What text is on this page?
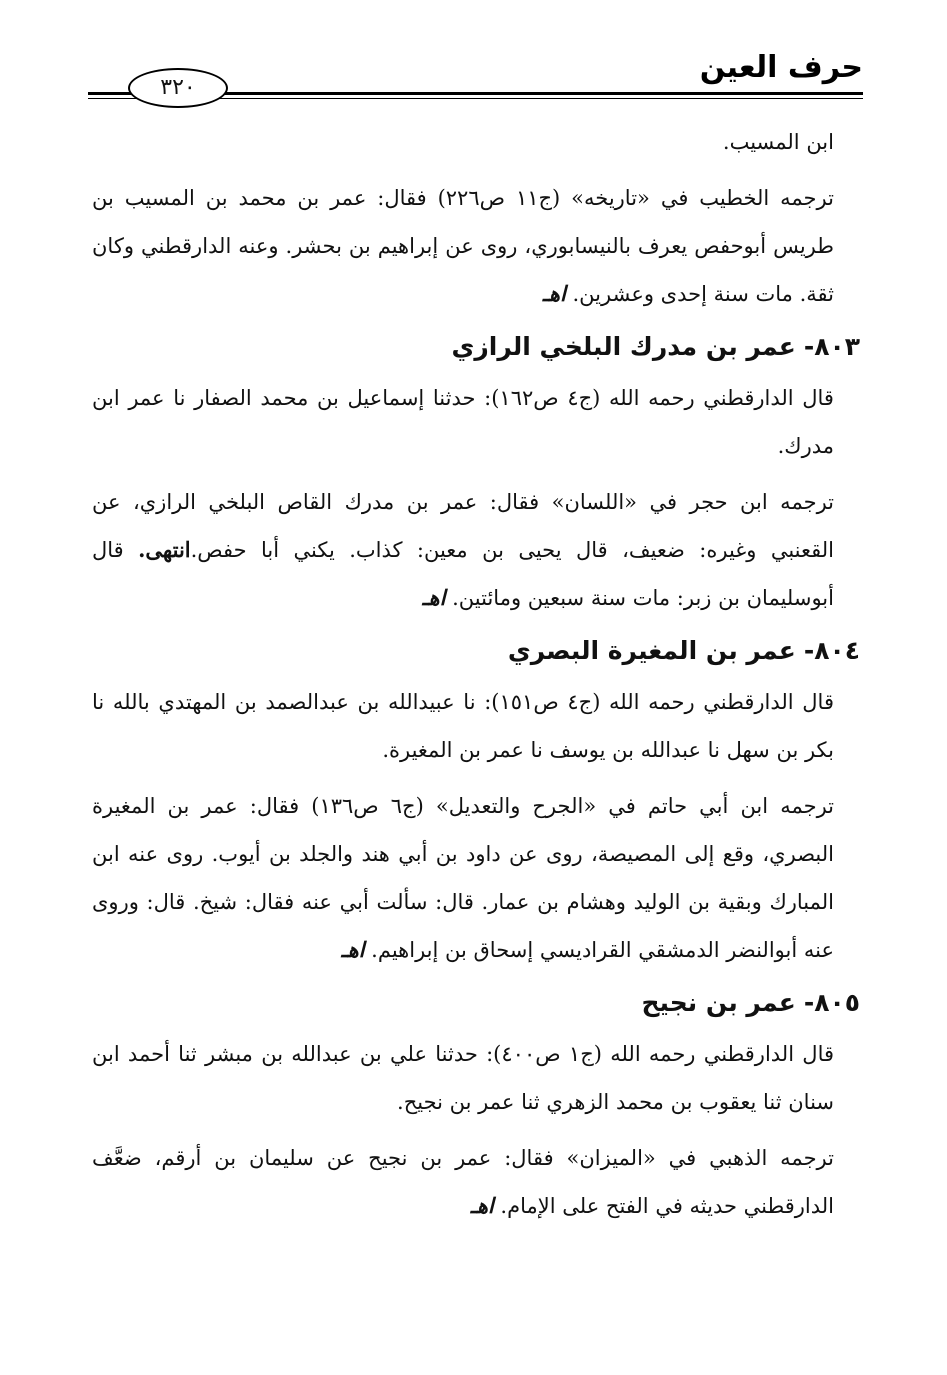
حرف العين
٣٢٠

ابن المسيب.

ترجمه الخطيب في «تاريخه» (ج١١ ص٢٢٦) فقال: عمر بن محمد بن المسيب بن طريس أبوحفص يعرف بالنيسابوري، روى عن إبراهيم بن بحشر. وعنه الدارقطني وكان ثقة. مات سنة إحدى وعشرين. اهـ

٨٠٣-عمر بن مدرك البلخي الرازي

قال الدارقطني رحمه الله (ج٤ ص١٦٢): حدثنا إسماعيل بن محمد الصفار نا عمر ابن مدرك.

ترجمه ابن حجر في «اللسان» فقال: عمر بن مدرك القاص البلخي الرازي، عن القعنبي وغيره: ضعيف، قال يحيى بن معين: كذاب. يكني أبا حفص.انتهى. قال أبوسليمان بن زبر: مات سنة سبعين ومائتين. اهـ

٨٠٤-عمر بن المغيرة البصري

قال الدارقطني رحمه الله (ج٤ ص١٥١): نا عبيدالله بن عبدالصمد بن المهتدي بالله نا بكر بن سهل نا عبدالله بن يوسف نا عمر بن المغيرة.

ترجمه ابن أبي حاتم في «الجرح والتعديل» (ج٦ ص١٣٦) فقال: عمر بن المغيرة البصري، وقع إلى المصيصة، روى عن داود بن أبي هند والجلد بن أيوب. روى عنه ابن المبارك وبقية بن الوليد وهشام بن عمار. قال: سألت أبي عنه فقال: شيخ. قال: وروى عنه أبوالنضر الدمشقي القراديسي إسحاق بن إبراهيم. اهـ

٨٠٥-عمر بن نجيح

قال الدارقطني رحمه الله (ج١ ص٤٠٠): حدثنا علي بن عبدالله بن مبشر ثنا أحمد ابن سنان ثنا يعقوب بن محمد الزهري ثنا عمر بن نجيح.

ترجمه الذهبي في «الميزان» فقال: عمر بن نجيح عن سليمان بن أرقم، ضعَّف الدارقطني حديثه في الفتح على الإمام. اهـ
